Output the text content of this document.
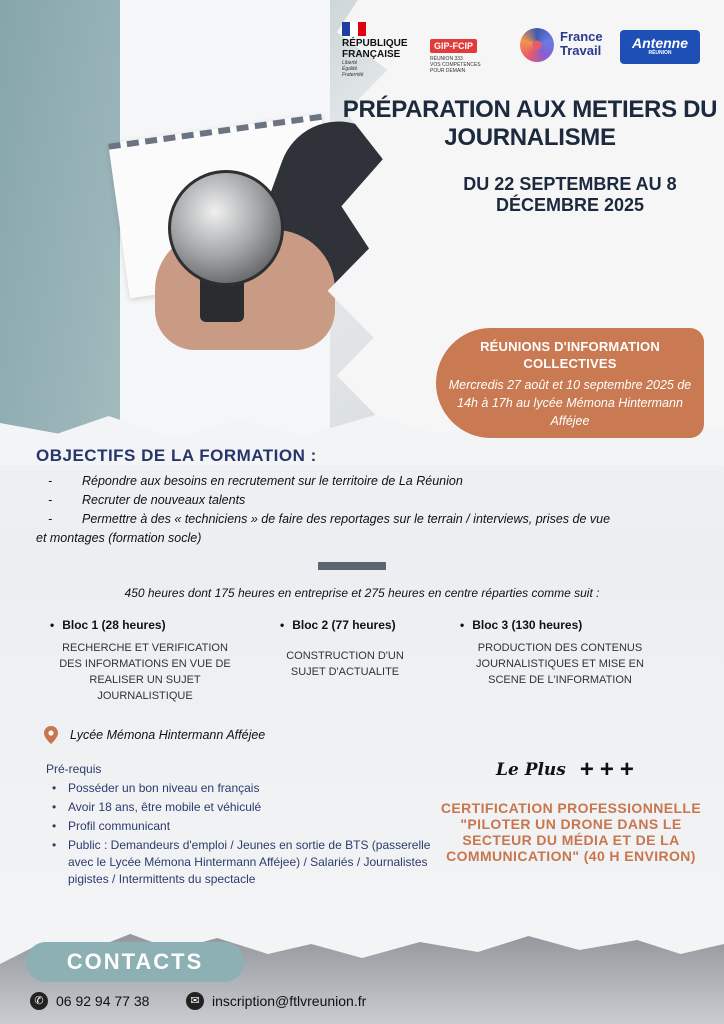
RÉPUBLIQUE
FRANÇAISE
Liberté
Égalité
Fraternité
GIP-FCIP
RÉUNION 333
VOS COMPÉTENCES
POUR DEMAIN
France
Travail	Antenne
RÉUNION
PRÉPARATION AUX METIERS DU JOURNALISME
DU 22 SEPTEMBRE AU 8 DÉCEMBRE 2025
RÉUNIONS D'INFORMATION COLLECTIVES
Mercredis 27 août et 10 septembre 2025 de 14h à 17h au lycée Mémona Hintermann Afféjee
OBJECTIFS DE LA FORMATION :
-	Répondre aux besoins en recrutement sur le territoire de La Réunion
-	Recruter de nouveaux talents
-	Permettre à des « techniciens » de faire des reportages sur le terrain / interviews, prises de vue
et montages (formation socle)
450 heures dont 175 heures en entreprise et 275 heures en centre réparties comme suit :
• Bloc 1 (28 heures)
RECHERCHE ET VERIFICATION DES INFORMATIONS EN VUE DE REALISER UN SUJET JOURNALISTIQUE
• Bloc 2 (77 heures)
CONSTRUCTION D'UN SUJET D'ACTUALITE
• Bloc 3 (130 heures)
PRODUCTION DES CONTENUS JOURNALISTIQUES ET MISE EN SCENE DE L'INFORMATION
Lycée Mémona Hintermann Afféjee
Pré-requis
• Posséder un bon niveau en français
• Avoir 18 ans, être mobile et véhiculé
• Profil communicant
• Public : Demandeurs d'emploi / Jeunes en sortie de BTS (passerelle avec le Lycée Mémona Hintermann Afféjee) / Salariés / Journalistes pigistes / Intermittents du spectacle
Le Plus +++
CERTIFICATION PROFESSIONNELLE "PILOTER UN DRONE DANS LE SECTEUR DU MÉDIA ET DE LA COMMUNICATION" (40 H ENVIRON)
CONTACTS
✆ 06 92 94 77 38	✉ inscription@ftlvreunion.fr
